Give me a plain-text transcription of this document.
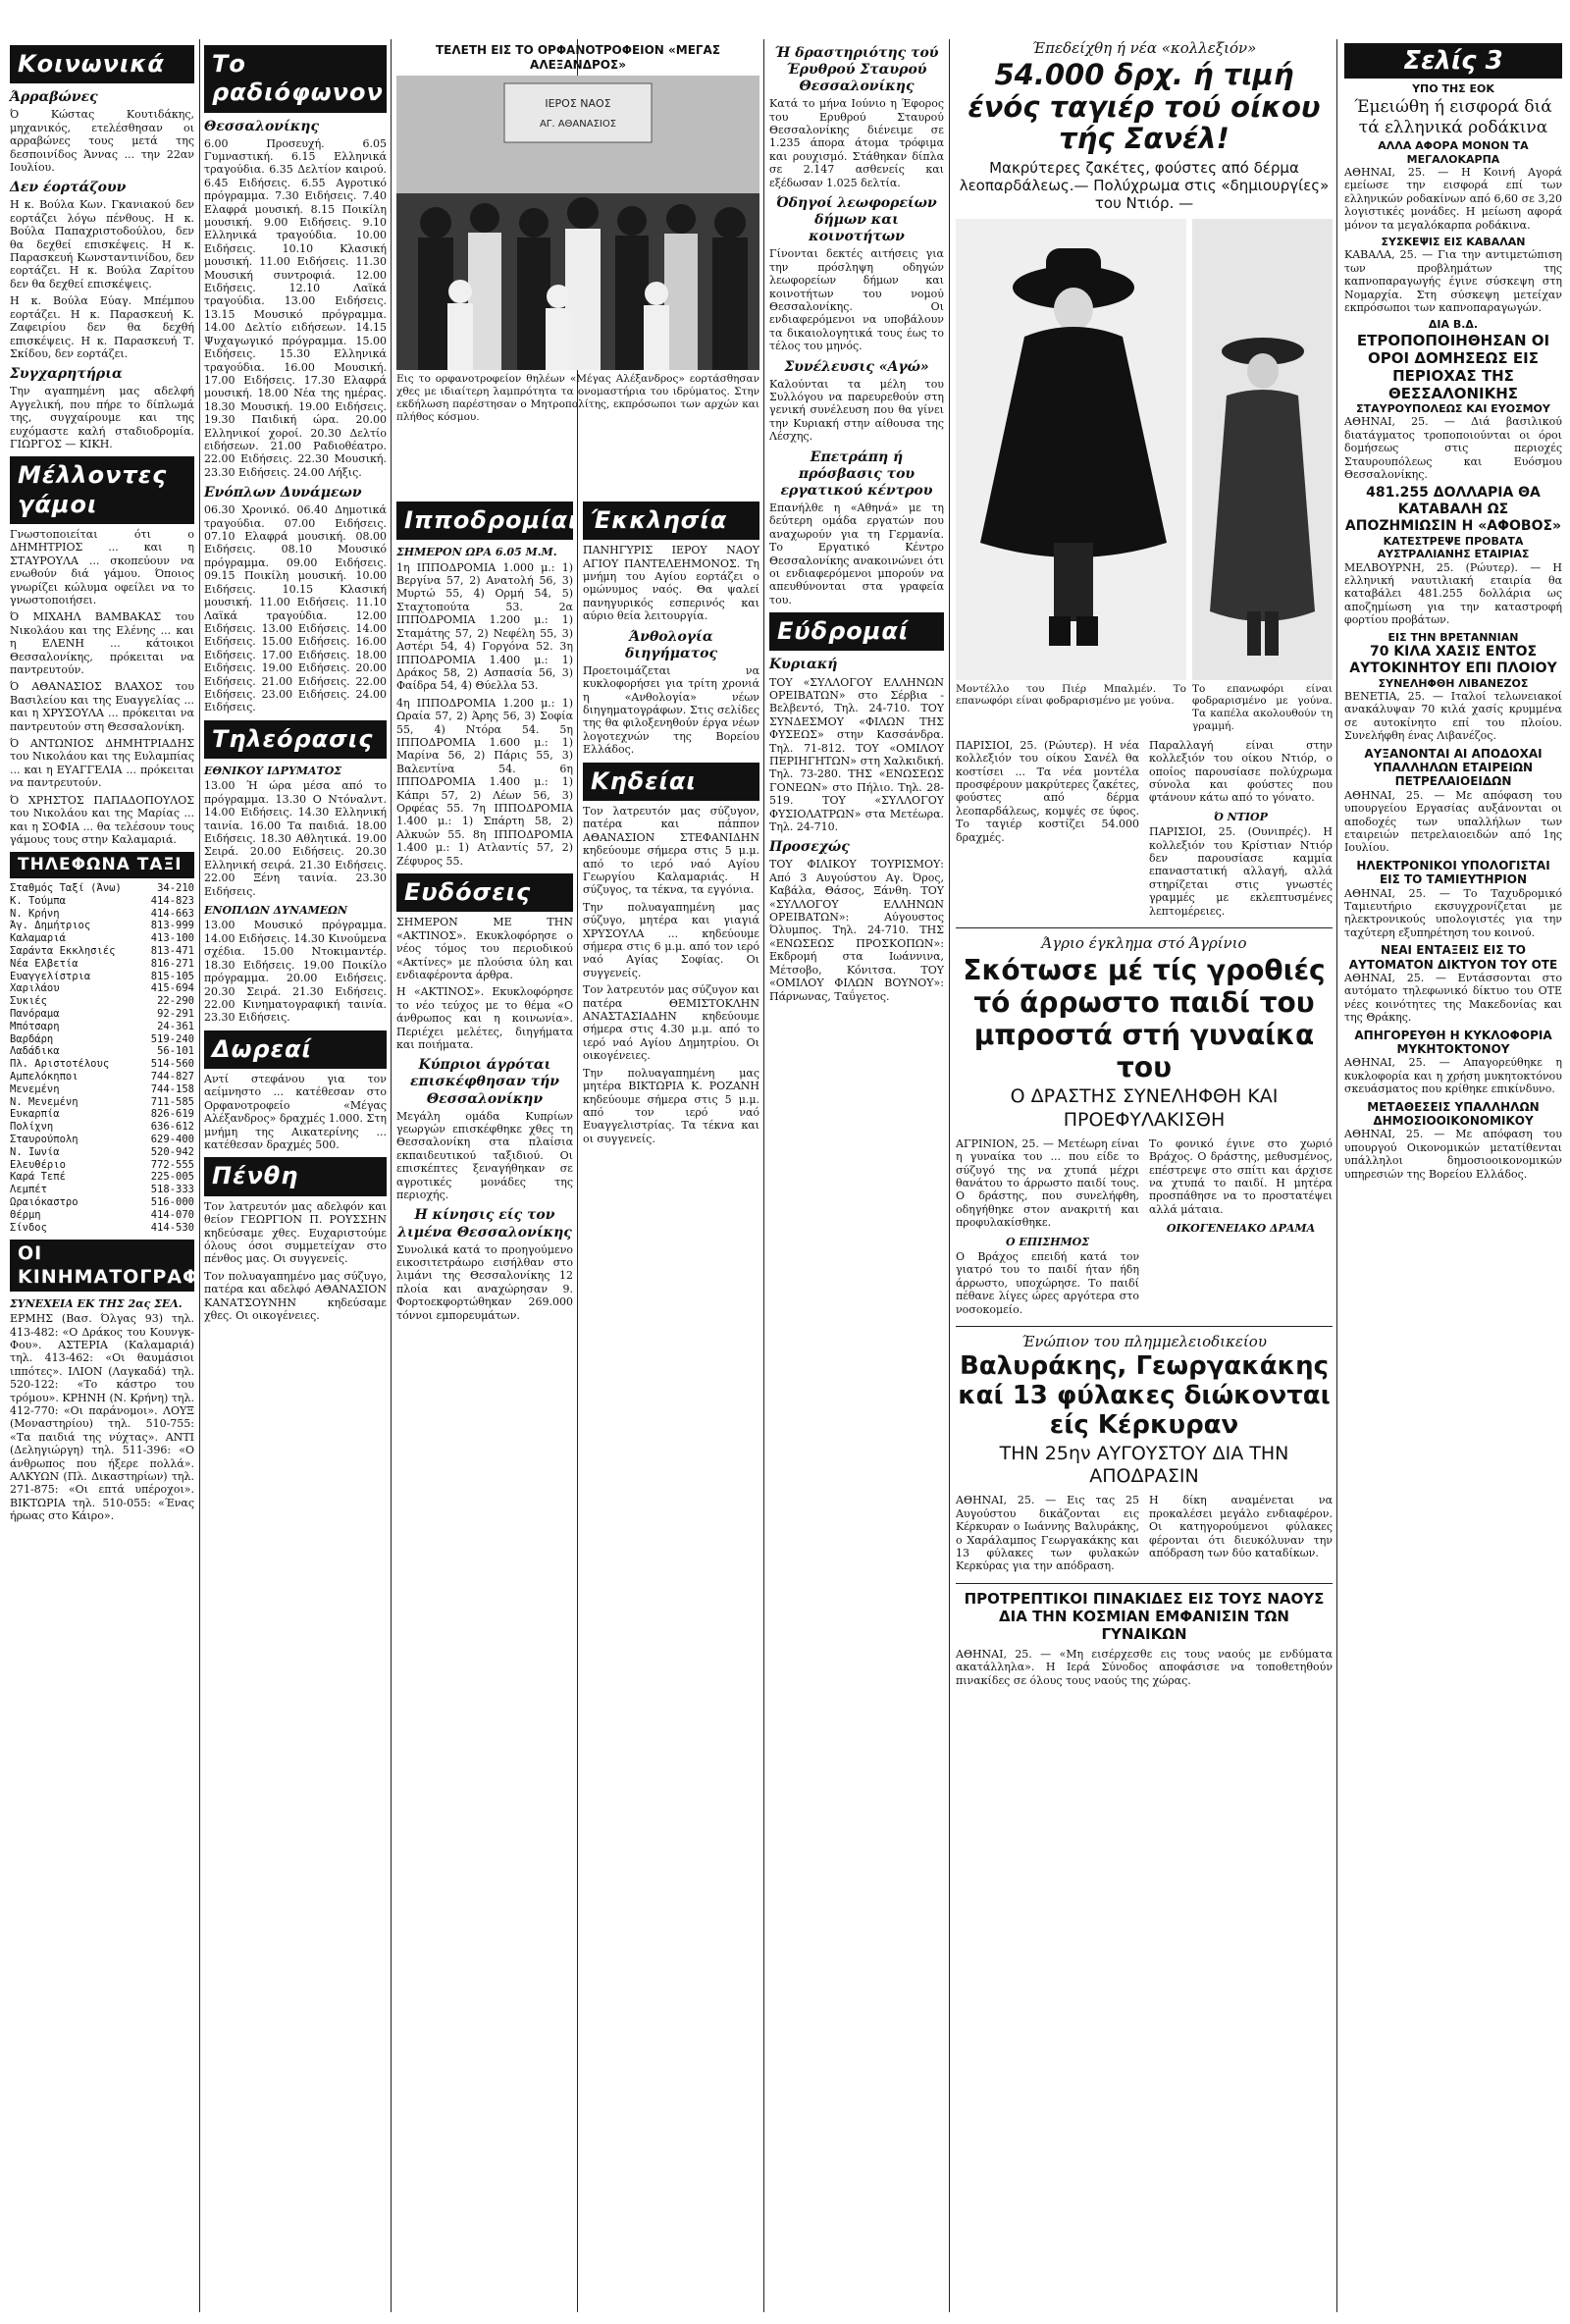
Κοινωνικά
Άρραβώνες

Ό Κώστας Κουτιδάκης, μηχανικός, ετελέσθησαν οι αρραβώνες τους μετά της δεσποινίδος Άννας ... την 22αν Ιουλίου.

Δεν έορτάζουν

Η κ. Βούλα Κων. Γκανιακού δεν εορτάζει λόγω πένθους. Η κ. Βούλα Παπαχριστοδούλου, δεν θα δεχθεί επισκέψεις. Η κ. Παρασκευή Κωνσταντινίδου, δεν εορτάζει. Η κ. Βούλα Ζαρίτου δεν θα δεχθεί επισκέψεις.

Η κ. Βούλα Εύαγ. Μπέμπου εορτάζει. Η κ. Παρασκευή Κ. Ζαφειρίου δεν θα δεχθή επισκέψεις. Η κ. Παρασκευή Τ. Σκίδου, δεν εορτάζει.

Συγχαρητήρια

Την αγαπημένη μας αδελφή Αγγελική, που πήρε το δίπλωμά της, συγχαίρουμε και της ευχόμαστε καλή σταδιοδρομία. ΓΙΩΡΓΟΣ — ΚΙΚΗ.

Μέλλοντες γάμοι

Γνωστοποιείται ότι ο ΔΗΜΗΤΡΙΟΣ ... και η ΣΤΑΥΡΟΥΛΑ ... σκοπεύουν να ενωθούν διά γάμου. Όποιος γνωρίζει κώλυμα οφείλει να το γνωστοποιήσει.

Ό ΜΙΧΑΗΛ ΒΑΜΒΑΚΑΣ του Νικολάου και της Ελένης ... και η ΕΛΕΝΗ ... κάτοικοι Θεσσαλονίκης, πρόκειται να παντρευτούν.

Ό ΑΘΑΝΑΣΙΟΣ ΒΛΑΧΟΣ του Βασιλείου και της Ευαγγελίας ... και η ΧΡΥΣΟΥΛΑ ... πρόκειται να παντρευτούν στη Θεσσαλονίκη.

Ό ΑΝΤΩΝΙΟΣ ΔΗΜΗΤΡΙΑΔΗΣ του Νικολάου και της Ευλαμπίας ... και η ΕΥΑΓΓΕΛΙΑ ... πρόκειται να παντρευτούν.

Ό ΧΡΗΣΤΟΣ ΠΑΠΑΔΟΠΟΥΛΟΣ του Νικολάου και της Μαρίας ... και η ΣΟΦΙΑ ... θα τελέσουν τους γάμους τους στην Καλαμαριά.

ΤΗΛΕΦΩΝΑ ΤΑΞΙ
Σταθμός Ταξί (Άνω)	34-210
Κ. Τούμπα	414-823
Ν. Κρήνη	414-663
Άγ. Δημήτριος	813-999
Καλαμαριά	413-100
Σαράντα Εκκλησιές	813-471
Νέα Ελβετία	816-271
Ευαγγελίστρια	815-105
Χαριλάου	415-694
Συκιές	22-290
Πανόραμα	92-291
Μπότσαρη	24-361
Βαρδάρη	519-240
Λαδάδικα	56-101
Πλ. Αριστοτέλους	514-560
Αμπελόκηποι	744-827
Μενεμένη	744-158
Ν. Μενεμένη	711-585
Ευκαρπία	826-619
Πολίχνη	636-612
Σταυρούπολη	629-400
Ν. Ιωνία	520-942
Ελευθέριο	772-555
Καρά Τεπέ	225-005
Λεμπέτ	518-333
Ωραιόκαστρο	516-000
Θέρμη	414-070
Σίνδος	414-530
ΟΙ ΚΙΝΗΜΑΤΟΓΡΑΦΟΙ
ΣΥΝΕΧΕΙΑ ΕΚ ΤΗΣ 2ας ΣΕΛ.

ΕΡΜΗΣ (Βασ. Όλγας 93) τηλ. 413-482: «Ο Δράκος του Κουνγκ-Φου». ΑΣΤΕΡΙΑ (Καλαμαριά) τηλ. 413-462: «Οι θαυμάσιοι ιππότες». ΙΛΙΟΝ (Λαγκαδά) τηλ. 520-122: «Το κάστρο του τρόμου». ΚΡΗΝΗ (Ν. Κρήνη) τηλ. 412-770: «Οι παράνομοι». ΛΟΥΞ (Μοναστηρίου) τηλ. 510-755: «Τα παιδιά της νύχτας». ΑΝΤΙ (Δεληγιώργη) τηλ. 511-396: «Ο άνθρωπος που ήξερε πολλά». ΑΛΚΥΩΝ (Πλ. Δικαστηρίων) τηλ. 271-875: «Οι επτά υπέροχοι». ΒΙΚΤΩΡΙΑ τηλ. 510-055: «Ένας ήρωας στο Κάιρο».

Το ραδιόφωνον
Θεσσαλονίκης

6.00 Προσευχή. 6.05 Γυμναστική. 6.15 Ελληνικά τραγούδια. 6.35 Δελτίον καιρού. 6.45 Ειδήσεις. 6.55 Αγροτικό πρόγραμμα. 7.30 Ειδήσεις. 7.40 Ελαφρά μουσική. 8.15 Ποικίλη μουσική. 9.00 Ειδήσεις. 9.10 Ελληνικά τραγούδια. 10.00 Ειδήσεις. 10.10 Κλασική μουσική. 11.00 Ειδήσεις. 11.30 Μουσική συντροφιά. 12.00 Ειδήσεις. 12.10 Λαϊκά τραγούδια. 13.00 Ειδήσεις. 13.15 Μουσικό πρόγραμμα. 14.00 Δελτίο ειδήσεων. 14.15 Ψυχαγωγικό πρόγραμμα. 15.00 Ειδήσεις. 15.30 Ελληνικά τραγούδια. 16.00 Μουσική. 17.00 Ειδήσεις. 17.30 Ελαφρά μουσική. 18.00 Νέα της ημέρας. 18.30 Μουσική. 19.00 Ειδήσεις. 19.30 Παιδική ώρα. 20.00 Ελληνικοί χοροί. 20.30 Δελτίο ειδήσεων. 21.00 Ραδιοθέατρο. 22.00 Ειδήσεις. 22.30 Μουσική. 23.30 Ειδήσεις. 24.00 Λήξις.

Ενόπλων Δυνάμεων

06.30 Χρονικό. 06.40 Δημοτικά τραγούδια. 07.00 Ειδήσεις. 07.10 Ελαφρά μουσική. 08.00 Ειδήσεις. 08.10 Μουσικό πρόγραμμα. 09.00 Ειδήσεις. 09.15 Ποικίλη μουσική. 10.00 Ειδήσεις. 10.15 Κλασική μουσική. 11.00 Ειδήσεις. 11.10 Λαϊκά τραγούδια. 12.00 Ειδήσεις. 13.00 Ειδήσεις. 14.00 Ειδήσεις. 15.00 Ειδήσεις. 16.00 Ειδήσεις. 17.00 Ειδήσεις. 18.00 Ειδήσεις. 19.00 Ειδήσεις. 20.00 Ειδήσεις. 21.00 Ειδήσεις. 22.00 Ειδήσεις. 23.00 Ειδήσεις. 24.00 Ειδήσεις.

Τηλεόρασις
ΕΘΝΙΚΟΥ ΙΔΡΥΜΑΤΟΣ

13.00 Ή ώρα μέσα από το πρόγραμμα. 13.30 Ο Ντόναλντ. 14.00 Ειδήσεις. 14.30 Ελληνική ταινία. 16.00 Τα παιδιά. 18.00 Ειδήσεις. 18.30 Αθλητικά. 19.00 Σειρά. 20.00 Ειδήσεις. 20.30 Ελληνική σειρά. 21.30 Ειδήσεις. 22.00 Ξένη ταινία. 23.30 Ειδήσεις.

ΕΝΟΠΛΩΝ ΔΥΝΑΜΕΩΝ

13.00 Μουσικό πρόγραμμα. 14.00 Ειδήσεις. 14.30 Κινούμενα σχέδια. 15.00 Ντοκιμαντέρ. 18.30 Ειδήσεις. 19.00 Ποικίλο πρόγραμμα. 20.00 Ειδήσεις. 20.30 Σειρά. 21.30 Ειδήσεις. 22.00 Κινηματογραφική ταινία. 23.30 Ειδήσεις.

Δωρεαί

Αντί στεφάνου για τον αείμνηστο ... κατέθεσαν στο Ορφανοτροφείο «Μέγας Αλέξανδρος» δραχμές 1.000. Στη μνήμη της Αικατερίνης ... κατέθεσαν δραχμές 500.

Πένθη

Τον λατρευτόν μας αδελφόν και θείον ΓΕΩΡΓΙΟΝ Π. ΡΟΥΣΣΗΝ κηδεύσαμε χθες. Ευχαριστούμε όλους όσοι συμμετείχαν στο πένθος μας. Οι συγγενείς.

Τον πολυαγαπημένο μας σύζυγο, πατέρα και αδελφό ΑΘΑΝΑΣΙΟΝ ΚΑΝΑΤΣΟΥΝΗΝ κηδεύσαμε χθες. Οι οικογένειες.

ΤΕΛΕΤΗ ΕΙΣ ΤΟ ΟΡΦΑΝΟΤΡΟΦΕΙΟΝ «ΜΕΓΑΣ ΑΛΕΞΑΝΔΡΟΣ»
ΙΕΡΟΣ ΝΑΟΣ
ΑΓ. ΑΘΑΝΑΣΙΟΣ

Εις το ορφανοτροφείον θηλέων «Μέγας Αλέξανδρος» εορτάσθησαν χθες με ιδιαίτερη λαμπρότητα τα ονομαστήρια του ιδρύματος. Στην εκδήλωση παρέστησαν ο Μητροπολίτης, εκπρόσωποι των αρχών και πλήθος κόσμου.

Ιπποδρομίαι
ΣΗΜΕΡΟΝ ΩΡΑ 6.05 Μ.Μ.

1η ΙΠΠΟΔΡΟΜΙΑ 1.000 μ.: 1) Βεργίνα 57, 2) Ανατολή 56, 3) Μυρτώ 55, 4) Ορμή 54, 5) Σταχτοπούτα 53. 2α ΙΠΠΟΔΡΟΜΙΑ 1.200 μ.: 1) Σταμάτης 57, 2) Νεφέλη 55, 3) Αστέρι 54, 4) Γοργόνα 52. 3η ΙΠΠΟΔΡΟΜΙΑ 1.400 μ.: 1) Δράκος 58, 2) Ασπασία 56, 3) Φαίδρα 54, 4) Θύελλα 53.

4η ΙΠΠΟΔΡΟΜΙΑ 1.200 μ.: 1) Ωραία 57, 2) Άρης 56, 3) Σοφία 55, 4) Ντόρα 54. 5η ΙΠΠΟΔΡΟΜΙΑ 1.600 μ.: 1) Μαρίνα 56, 2) Πάρις 55, 3) Βαλεντίνα 54. 6η ΙΠΠΟΔΡΟΜΙΑ 1.400 μ.: 1) Κάπρι 57, 2) Λέων 56, 3) Ορφέας 55. 7η ΙΠΠΟΔΡΟΜΙΑ 1.400 μ.: 1) Σπάρτη 58, 2) Αλκυών 55. 8η ΙΠΠΟΔΡΟΜΙΑ 1.400 μ.: 1) Ατλαντίς 57, 2) Ζέφυρος 55.

Ευδόσεις

ΣΗΜΕΡΟΝ ΜΕ ΤΗΝ «ΑΚΤΙΝΟΣ». Εκυκλοφόρησε ο νέος τόμος του περιοδικού «Ακτίνες» με πλούσια ύλη και ενδιαφέροντα άρθρα.

Η «ΑΚΤΙΝΟΣ». Εκυκλοφόρησε το νέο τεύχος με το θέμα «Ο άνθρωπος και η κοινωνία». Περιέχει μελέτες, διηγήματα και ποιήματα.

Κύπριοι άγρόται επισκέφθησαν τήν Θεσσαλονίκην

Μεγάλη ομάδα Κυπρίων γεωργών επισκέφθηκε χθες τη Θεσσαλονίκη στα πλαίσια εκπαιδευτικού ταξιδιού. Οι επισκέπτες ξεναγήθηκαν σε αγροτικές μονάδες της περιοχής.

Η κίνησις είς τον λιμένα Θεσσαλονίκης

Συνολικά κατά το προηγούμενο εικοσιτετράωρο εισήλθαν στο λιμάνι της Θεσσαλονίκης 12 πλοία και αναχώρησαν 9. Φορτοεκφορτώθηκαν 269.000 τόννοι εμπορευμάτων.

Έκκλησία

ΠΑΝΗΓΥΡΙΣ ΙΕΡΟΥ ΝΑΟΥ ΑΓΙΟΥ ΠΑΝΤΕΛΕΗΜΟΝΟΣ. Τη μνήμη του Αγίου εορτάζει ο ομώνυμος ναός. Θα ψαλεί πανηγυρικός εσπερινός και αύριο θεία λειτουργία.

Άνθολογία διηγήματος

Προετοιμάζεται να κυκλοφορήσει για τρίτη χρονιά η «Ανθολογία» νέων διηγηματογράφων. Στις σελίδες της θα φιλοξενηθούν έργα νέων λογοτεχνών της Βορείου Ελλάδος.

Κηδείαι

Τον λατρευτόν μας σύζυγον, πατέρα και πάππον ΑΘΑΝΑΣΙΟΝ ΣΤΕΦΑΝΙΔΗΝ κηδεύουμε σήμερα στις 5 μ.μ. από το ιερό ναό Αγίου Γεωργίου Καλαμαριάς. Η σύζυγος, τα τέκνα, τα εγγόνια.

Την πολυαγαπημένη μας σύζυγο, μητέρα και γιαγιά ΧΡΥΣΟΥΛΑ ... κηδεύουμε σήμερα στις 6 μ.μ. από τον ιερό ναό Αγίας Σοφίας. Οι συγγενείς.

Τον λατρευτόν μας σύζυγον και πατέρα ΘΕΜΙΣΤΟΚΛΗΝ ΑΝΑΣΤΑΣΙΑΔΗΝ κηδεύουμε σήμερα στις 4.30 μ.μ. από το ιερό ναό Αγίου Δημητρίου. Οι οικογένειες.

Την πολυαγαπημένη μας μητέρα ΒΙΚΤΩΡΙΑ Κ. ΡΟΖΑΝΗ κηδεύουμε σήμερα στις 5 μ.μ. από τον ιερό ναό Ευαγγελιστρίας. Τα τέκνα και οι συγγενείς.

Ή δραστηριότης τού Έρυθρού Σταυρού Θεσσαλονίκης

Κατά το μήνα Ιούνιο η Έφορος του Ερυθρού Σταυρού Θεσσαλονίκης διένειμε σε 1.235 άπορα άτομα τρόφιμα και ρουχισμό. Στάθηκαν δίπλα σε 2.147 ασθενείς και εξέδωσαν 1.025 δελτία.

Όδηγοί λεωφορείων δήμων και κοινοτήτων

Γίνονται δεκτές αιτήσεις για την πρόσληψη οδηγών λεωφορείων δήμων και κοινοτήτων του νομού Θεσσαλονίκης. Οι ενδιαφερόμενοι να υποβάλουν τα δικαιολογητικά τους έως το τέλος του μηνός.

Συνέλευσις «Αγώ»

Καλούνται τα μέλη του Συλλόγου να παρευρεθούν στη γενική συνέλευση που θα γίνει την Κυριακή στην αίθουσα της Λέσχης.

Επετράπη ή πρόσβασις του εργατικού κέντρου

Επανήλθε η «Αθηνά» με τη δεύτερη ομάδα εργατών που αναχωρούν για τη Γερμανία. Το Εργατικό Κέντρο Θεσσαλονίκης ανακοινώνει ότι οι ενδιαφερόμενοι μπορούν να απευθύνονται στα γραφεία του.

Εύδρομαί
Κυριακή

ΤΟΥ «ΣΥΛΛΟΓΟΥ ΕΛΛΗΝΩΝ ΟΡΕΙΒΑΤΩΝ» στο Σέρβια - Βελβεντό, Τηλ. 24-710. ΤΟΥ ΣΥΝΔΕΣΜΟΥ «ΦΙΛΩΝ ΤΗΣ ΦΥΣΕΩΣ» στην Κασσάνδρα. Τηλ. 71-812. ΤΟΥ «ΟΜΙΛΟΥ ΠΕΡΙΗΓΗΤΩΝ» στη Χαλκιδική. Τηλ. 73-280. ΤΗΣ «ΕΝΩΣΕΩΣ ΓΟΝΕΩΝ» στο Πήλιο. Τηλ. 28-519. ΤΟΥ «ΣΥΛΛΟΓΟΥ ΦΥΣΙΟΛΑΤΡΩΝ» στα Μετέωρα. Τηλ. 24-710.

Προσεχώς

ΤΟΥ ΦΙΛΙΚΟΥ ΤΟΥΡΙΣΜΟΥ: Από 3 Αυγούστου Αγ. Όρος, Καβάλα, Θάσος, Ξάνθη. ΤΟΥ «ΣΥΛΛΟΓΟΥ ΕΛΛΗΝΩΝ ΟΡΕΙΒΑΤΩΝ»: Αύγουστος Όλυμπος. Τηλ. 24-710. ΤΗΣ «ΕΝΩΣΕΩΣ ΠΡΟΣΚΟΠΩΝ»: Εκδρομή στα Ιωάννινα, Μέτσοβο, Κόνιτσα. ΤΟΥ «ΟΜΙΛΟΥ ΦΙΛΩΝ ΒΟΥΝΟΥ»: Πάρνωνας, Ταΰγετος.

Έπεδείχθη ή νέα «κολλεξιόν»
54.000 δρχ. ή τιμή ένός ταγιέρ τού οίκου τής Σανέλ!
Μακρύτερες ζακέτες, φούστες από δέρμα λεοπαρδάλεως.— Πολύχρωμα στις «δημιουργίες» του Ντιόρ. —

Μοντέλλο του Πιέρ Μπαλμέν. Το επανωφόρι είναι φοδραρισμένο με γούνα.

Το επανωφόρι είναι φοδραρισμένο με γούνα. Τα καπέλα ακολουθούν τη γραμμή.

ΠΑΡΙΣΙΟΙ, 25. (Ρώυτερ). Η νέα κολλεξιόν του οίκου Σανέλ θα κοστίσει ... Τα νέα μοντέλα προσφέρουν μακρύτερες ζακέτες, φούστες από δέρμα λεοπαρδάλεως, κομψές σε ύφος. Το ταγιέρ κοστίζει 54.000 δραχμές.

Παραλλαγή είναι στην κολλεξιόν του οίκου Ντιόρ, ο οποίος παρουσίασε πολύχρωμα σύνολα και φούστες που φτάνουν κάτω από το γόνατο.

Ό ΝΤΙΟΡ

ΠΑΡΙΣΙΟΙ, 25. (Ουνιπρές). Η κολλεξιόν του Κρίστιαν Ντιόρ δεν παρουσίασε καμμία επαναστατική αλλαγή, αλλά στηρίζεται στις γνωστές γραμμές με εκλεπτυσμένες λεπτομέρειες.

Άγριο έγκλημα στό Άγρίνιο
Σκότωσε μέ τίς γροθιές τό άρρωστο παιδί του μπροστά στή γυναίκα του
Ο ΔΡΑΣΤΗΣ ΣΥΝΕΛΗΦΘΗ ΚΑΙ ΠΡΟΕΦΥΛΑΚΙΣΘΗ

ΑΓΡΙΝΙΟΝ, 25. — Μετέωρη είναι η γυναίκα του ... που είδε το σύζυγό της να χτυπά μέχρι θανάτου το άρρωστο παιδί τους. Ο δράστης, που συνελήφθη, οδηγήθηκε στον ανακριτή και προφυλακίσθηκε.

Ο ΕΠΙΣΗΜΟΣ

Ο Βράχος επειδή κατά τον γιατρό του το παιδί ήταν ήδη άρρωστο, υποχώρησε. Το παιδί πέθανε λίγες ώρες αργότερα στο νοσοκομείο.

Το φονικό έγινε στο χωριό Βράχος. Ο δράστης, μεθυσμένος, επέστρεψε στο σπίτι και άρχισε να χτυπά το παιδί. Η μητέρα προσπάθησε να το προστατέψει αλλά μάταια.

ΟΙΚΟΓΕΝΕΙΑΚΟ ΔΡΑΜΑ
Ένώπιον του πλημμελειοδικείου
Βαλυράκης, Γεωργακάκης καί 13 φύλακες διώκονται είς Κέρκυραν
ΤΗΝ 25ην ΑΥΓΟΥΣΤΟΥ ΔΙΑ ΤΗΝ ΑΠΟΔΡΑΣΙΝ

ΑΘΗΝΑΙ, 25. — Εις τας 25 Αυγούστου δικάζονται εις Κέρκυραν ο Ιωάννης Βαλυράκης, ο Χαράλαμπος Γεωργακάκης και 13 φύλακες των φυλακών Κερκύρας για την απόδραση.

Η δίκη αναμένεται να προκαλέσει μεγάλο ενδιαφέρον. Οι κατηγορούμενοι φύλακες φέρονται ότι διευκόλυναν την απόδραση των δύο καταδίκων.

ΠΡΟΤΡΕΠΤΙΚΟΙ ΠΙΝΑΚΙΔΕΣ ΕΙΣ ΤΟΥΣ ΝΑΟΥΣ ΔΙΑ ΤΗΝ ΚΟΣΜΙΑΝ ΕΜΦΑΝΙΣΙΝ ΤΩΝ ΓΥΝΑΙΚΩΝ

ΑΘΗΝΑΙ, 25. — «Μη εισέρχεσθε εις τους ναούς με ενδύματα ακατάλληλα». Η Ιερά Σύνοδος αποφάσισε να τοποθετηθούν πινακίδες σε όλους τους ναούς της χώρας.

Σελίς 3
ΥΠΟ ΤΗΣ ΕΟΚ
Έμειώθη ή εισφορά διά τά ελληνικά ροδάκινα
ΑΛΛΑ ΑΦΟΡΑ ΜΟΝΟΝ ΤΑ ΜΕΓΑΛΟΚΑΡΠΑ

ΑΘΗΝΑΙ, 25. — Η Κοινή Αγορά εμείωσε την εισφορά επί των ελληνικών ροδακίνων από 6,60 σε 3,20 λογιστικές μονάδες. Η μείωση αφορά μόνον τα μεγαλόκαρπα ροδάκινα.

ΣΥΣΚΕΨΙΣ ΕΙΣ ΚΑΒΑΛΑΝ

ΚΑΒΑΛΑ, 25. — Για την αντιμετώπιση των προβλημάτων της καπνοπαραγωγής έγινε σύσκεψη στη Νομαρχία. Στη σύσκεψη μετείχαν εκπρόσωποι των καπνοπαραγωγών.

ΔΙΑ Β.Δ.
ΕΤΡΟΠΟΠΟΙΗΘΗΣΑΝ ΟΙ ΟΡΟΙ ΔΟΜΗΣΕΩΣ ΕΙΣ ΠΕΡΙΟΧΑΣ ΤΗΣ ΘΕΣΣΑΛΟΝΙΚΗΣ
ΣΤΑΥΡΟΥΠΟΛΕΩΣ ΚΑΙ ΕΥΟΣΜΟΥ

ΑΘΗΝΑΙ, 25. — Διά βασιλικού διατάγματος τροποποιούνται οι όροι δομήσεως στις περιοχές Σταυρουπόλεως και Ευόσμου Θεσσαλονίκης.

481.255 ΔΟΛΛΑΡΙΑ ΘΑ ΚΑΤΑΒΑΛΗ ΩΣ ΑΠΟΖΗΜΙΩΣΙΝ Η «ΑΦΟΒΟΣ»
ΚΑΤΕΣΤΡΕΨΕ ΠΡΟΒΑΤΑ ΑΥΣΤΡΑΛΙΑΝΗΣ ΕΤΑΙΡΙΑΣ

ΜΕΛΒΟΥΡΝΗ, 25. (Ρώυτερ). — Η ελληνική ναυτιλιακή εταιρία θα καταβάλει 481.255 δολλάρια ως αποζημίωση για την καταστροφή φορτίου προβάτων.

ΕΙΣ ΤΗΝ ΒΡΕΤΑΝΝΙΑΝ
70 ΚΙΛΑ ΧΑΣΙΣ ΕΝΤΟΣ ΑΥΤΟΚΙΝΗΤΟΥ ΕΠΙ ΠΛΟΙΟΥ
ΣΥΝΕΛΗΦΘΗ ΛΙΒΑΝΕΖΟΣ

ΒΕΝΕΤΙΑ, 25. — Ιταλοί τελωνειακοί ανακάλυψαν 70 κιλά χασίς κρυμμένα σε αυτοκίνητο επί του πλοίου. Συνελήφθη ένας Λιβανέζος.

ΑΥΞΑΝΟΝΤΑΙ ΑΙ ΑΠΟΔΟΧΑΙ ΥΠΑΛΛΗΛΩΝ ΕΤΑΙΡΕΙΩΝ ΠΕΤΡΕΛΑΙΟΕΙΔΩΝ

ΑΘΗΝΑΙ, 25. — Με απόφαση του υπουργείου Εργασίας αυξάνονται οι αποδοχές των υπαλλήλων των εταιρειών πετρελαιοειδών από 1ης Ιουλίου.

ΗΛΕΚΤΡΟΝΙΚΟΙ ΥΠΟΛΟΓΙΣΤΑΙ ΕΙΣ ΤΟ ΤΑΜΙΕΥΤΗΡΙΟΝ

ΑΘΗΝΑΙ, 25. — Το Ταχυδρομικό Ταμιευτήριο εκσυγχρονίζεται με ηλεκτρονικούς υπολογιστές για την ταχύτερη εξυπηρέτηση του κοινού.

ΝΕΑΙ ΕΝΤΑΞΕΙΣ ΕΙΣ ΤΟ ΑΥΤΟΜΑΤΟΝ ΔΙΚΤΥΟΝ ΤΟΥ ΟΤΕ

ΑΘΗΝΑΙ, 25. — Εντάσσονται στο αυτόματο τηλεφωνικό δίκτυο του ΟΤΕ νέες κοινότητες της Μακεδονίας και της Θράκης.

ΑΠΗΓΟΡΕΥΘΗ Η ΚΥΚΛΟΦΟΡΙΑ ΜΥΚΗΤΟΚΤΟΝΟΥ

ΑΘΗΝΑΙ, 25. — Απαγορεύθηκε η κυκλοφορία και η χρήση μυκητοκτόνου σκευάσματος που κρίθηκε επικίνδυνο.

ΜΕΤΑΘΕΣΕΙΣ ΥΠΑΛΛΗΛΩΝ ΔΗΜΟΣΙΟΟΙΚΟΝΟΜΙΚΟΥ

ΑΘΗΝΑΙ, 25. — Με απόφαση του υπουργού Οικονομικών μετατίθενται υπάλληλοι δημοσιοοικονομικών υπηρεσιών της Βορείου Ελλάδος.
